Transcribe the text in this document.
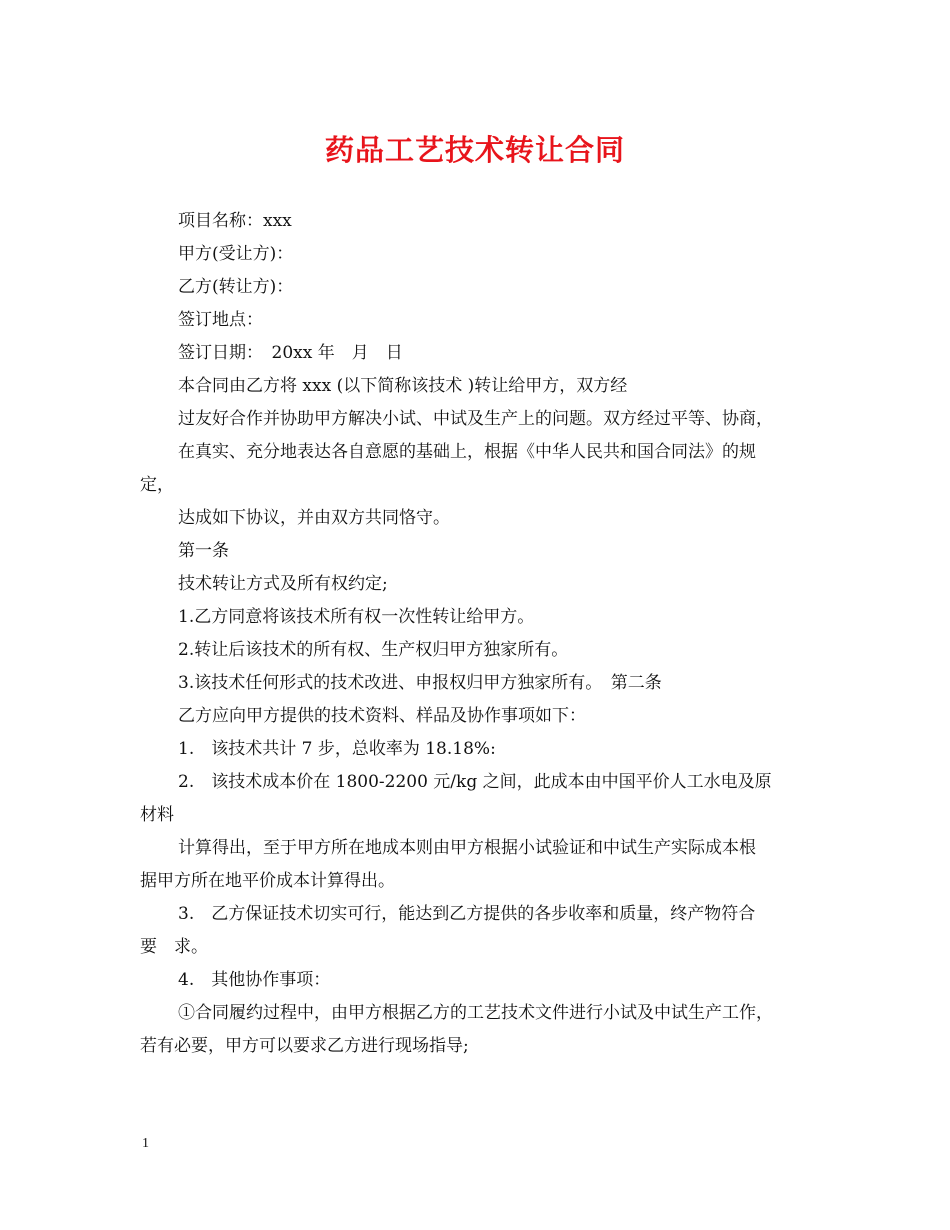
药品工艺技术转让合同
项目名称：xxx
甲方(受让方)：
乙方(转让方)：
签订地点：
签订日期：　20xx 年　月　日
本合同由乙方将 xxx (以下简称该技术 )转让给甲方，双方经
过友好合作并协助甲方解决小试、中试及生产上的问题。双方经过平等、协商，
在真实、充分地表达各自意愿的基础上，根据《中华人民共和国合同法》的规
定，
达成如下协议，并由双方共同恪守。
第一条
技术转让方式及所有权约定;
1.乙方同意将该技术所有权一次性转让给甲方。
2.转让后该技术的所有权、生产权归甲方独家所有。
3.该技术任何形式的技术改进、申报权归甲方独家所有。　第二条
乙方应向甲方提供的技术资料、样品及协作事项如下：
1.　该技术共计 7 步，总收率为 18.18%:
2.　该技术成本价在 1800-2200 元/kg 之间，此成本由中国平价人工水电及原
材料
计算得出，至于甲方所在地成本则由甲方根据小试验证和中试生产实际成本根
据甲方所在地平价成本计算得出。
3.　乙方保证技术切实可行，能达到乙方提供的各步收率和质量，终产物符合
要　求。
4.　其他协作事项：
①合同履约过程中，由甲方根据乙方的工艺技术文件进行小试及中试生产工作，
若有必要，甲方可以要求乙方进行现场指导;
1
